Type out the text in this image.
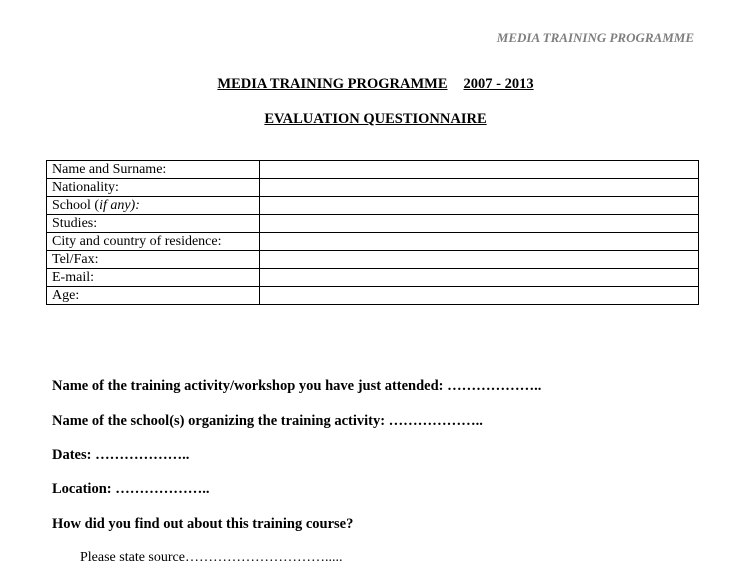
MEDIA TRAINING PROGRAMME
MEDIA TRAINING PROGRAMME 2007 - 2013
EVALUATION QUESTIONNAIRE
Name and Surname:	
Nationality:	
School (if any):	
Studies:	
City and country of residence:	
Tel/Fax:	
E-mail:	
Age:	
Name of the training activity/workshop you have just attended: ………………..
Name of the school(s) organizing the training activity: ………………..
Dates: ………………..
Location: ………………..
How did you find out about this training course?
Please state source………………………….....
